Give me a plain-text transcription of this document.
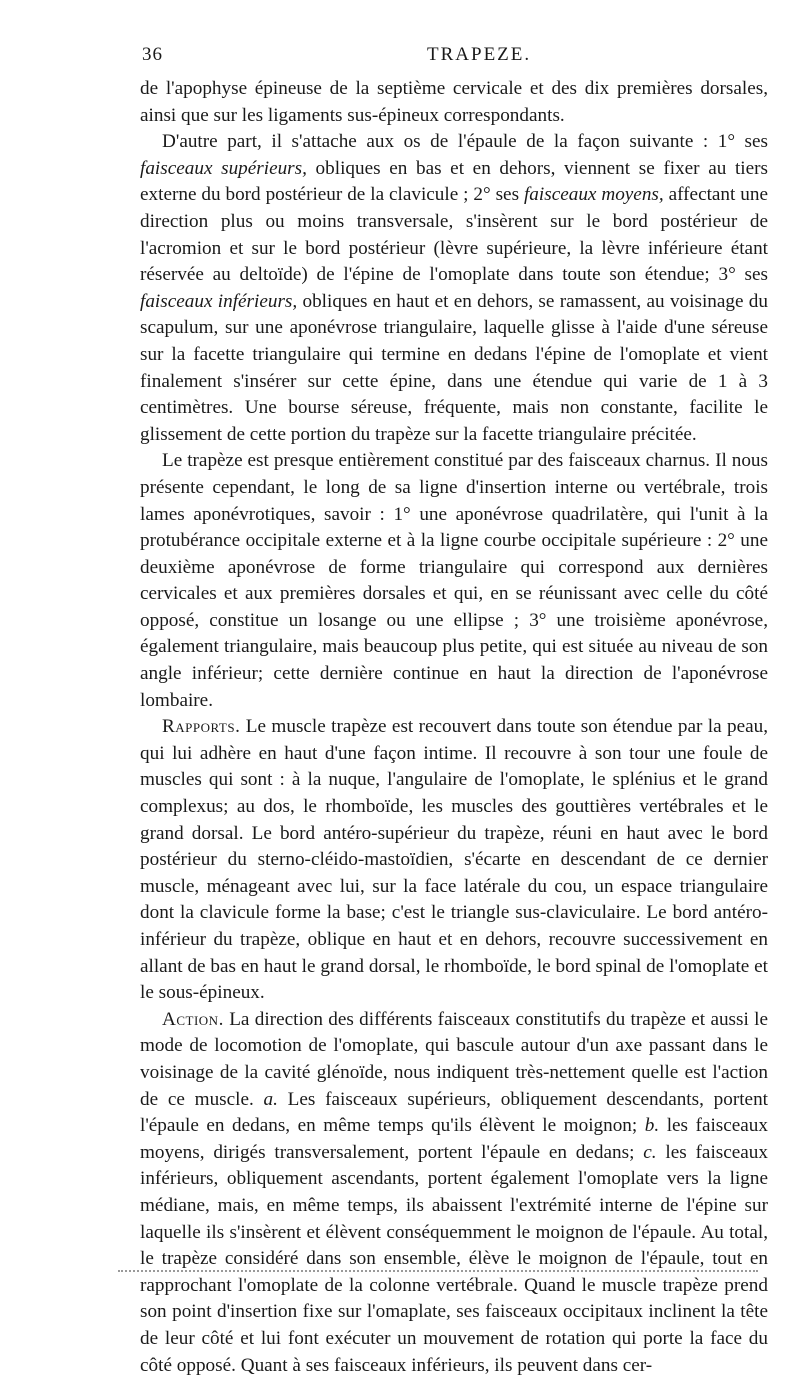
36	TRAPEZE.

de l'apophyse épineuse de la septième cervicale et des dix premières dorsales, ainsi que sur les ligaments sus-épineux correspondants.

D'autre part, il s'attache aux os de l'épaule de la façon suivante : 1° ses faisceaux supérieurs, obliques en bas et en dehors, viennent se fixer au tiers externe du bord postérieur de la clavicule ; 2° ses faisceaux moyens, affectant une direction plus ou moins transversale, s'insèrent sur le bord postérieur de l'acromion et sur le bord postérieur (lèvre supérieure, la lèvre inférieure étant réservée au deltoïde) de l'épine de l'omoplate dans toute son étendue; 3° ses faisceaux inférieurs, obliques en haut et en dehors, se ramassent, au voisinage du scapulum, sur une aponévrose triangulaire, laquelle glisse à l'aide d'une séreuse sur la facette triangulaire qui termine en dedans l'épine de l'omoplate et vient finalement s'insérer sur cette épine, dans une étendue qui varie de 1 à 3 centimètres. Une bourse séreuse, fréquente, mais non constante, facilite le glissement de cette portion du trapèze sur la facette triangulaire précitée.

Le trapèze est presque entièrement constitué par des faisceaux charnus. Il nous présente cependant, le long de sa ligne d'insertion interne ou vertébrale, trois lames aponévrotiques, savoir : 1° une aponévrose quadrilatère, qui l'unit à la protubérance occipitale externe et à la ligne courbe occipitale supérieure : 2° une deuxième aponévrose de forme triangulaire qui correspond aux dernières cervicales et aux premières dorsales et qui, en se réunissant avec celle du côté opposé, constitue un losange ou une ellipse ; 3° une troisième aponévrose, également triangulaire, mais beaucoup plus petite, qui est située au niveau de son angle inférieur; cette dernière continue en haut la direction de l'aponévrose lombaire.

Rapports. Le muscle trapèze est recouvert dans toute son étendue par la peau, qui lui adhère en haut d'une façon intime. Il recouvre à son tour une foule de muscles qui sont : à la nuque, l'angulaire de l'omoplate, le splénius et le grand complexus; au dos, le rhomboïde, les muscles des gouttières vertébrales et le grand dorsal. Le bord antéro-supérieur du trapèze, réuni en haut avec le bord postérieur du sterno-cléido-mastoïdien, s'écarte en descendant de ce dernier muscle, ménageant avec lui, sur la face latérale du cou, un espace triangulaire dont la clavicule forme la base; c'est le triangle sus-claviculaire. Le bord antéro-inférieur du trapèze, oblique en haut et en dehors, recouvre successivement en allant de bas en haut le grand dorsal, le rhomboïde, le bord spinal de l'omoplate et le sous-épineux.

Action. La direction des différents faisceaux constitutifs du trapèze et aussi le mode de locomotion de l'omoplate, qui bascule autour d'un axe passant dans le voisinage de la cavité glénoïde, nous indiquent très-nettement quelle est l'action de ce muscle. a. Les faisceaux supérieurs, obliquement descendants, portent l'épaule en dedans, en même temps qu'ils élèvent le moignon; b. les faisceaux moyens, dirigés transversalement, portent l'épaule en dedans; c. les faisceaux inférieurs, obliquement ascendants, portent également l'omoplate vers la ligne médiane, mais, en même temps, ils abaissent l'extrémité interne de l'épine sur laquelle ils s'insèrent et élèvent conséquemment le moignon de l'épaule. Au total, le trapèze considéré dans son ensemble, élève le moignon de l'épaule, tout en rapprochant l'omoplate de la colonne vertébrale. Quand le muscle trapèze prend son point d'insertion fixe sur l'omaplate, ses faisceaux occipitaux inclinent la tête de leur côté et lui font exécuter un mouvement de rotation qui porte la face du côté opposé. Quant à ses faisceaux inférieurs, ils peuvent dans cer-
